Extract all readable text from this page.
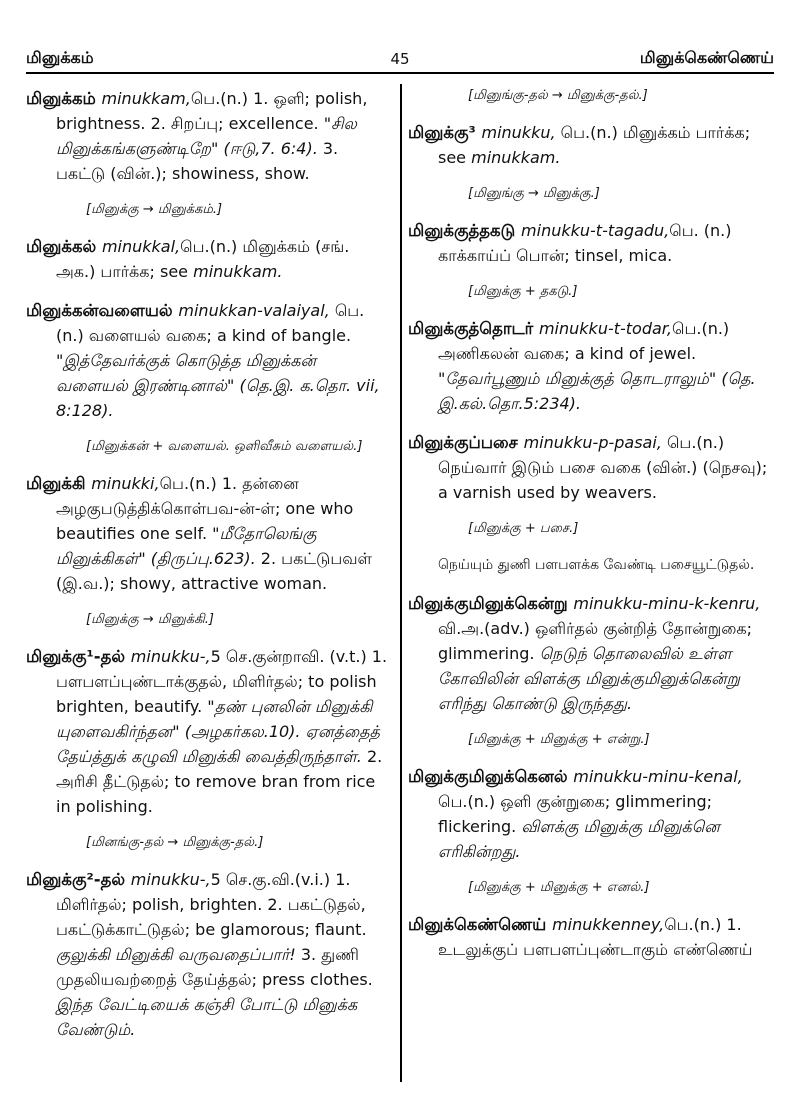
மினுக்கம்	45	மினுக்கெண்ணெய்
மினுக்கம் minukkam,பெ.(n.) 1. ஒளி; polish, brightness. 2. சிறப்பு; excellence. "சில மினுக்கங்களுண்டிறே" (ஈடு,7. 6:4). 3. பகட்டு (வின்.); showiness, show.
[மினுக்கு → மினுக்கம்.]
மினுக்கல் minukkal,பெ.(n.) மினுக்கம் (சங். அக.) பார்க்க; see minukkam.
மினுக்கன்வளையல் minukkan-valaiyal, பெ.(n.) வளையல் வகை; a kind of bangle. "இத்தேவர்க்குக் கொடுத்த மினுக்கன் வளையல் இரண்டினால்" (தெ.இ. க.தொ. vii, 8:128).
[மினுக்கன் + வளையல். ஒளிவீசும் வளையல்.]
மினுக்கி minukki,பெ.(n.) 1. தன்னை அழகுபடுத்திக்கொள்பவ-ன்-ள்; one who beautifies one self. "மீதோலெங்கு மினுக்கிகள்" (திருப்பு.623). 2. பகட்டுபவள் (இ.வ.); showy, attractive woman.
[மினுக்கு → மினுக்கி.]
மினுக்கு¹-தல் minukku-,5 செ.குன்றாவி. (v.t.) 1. பளபளப்புண்டாக்குதல், மிளிர்தல்; to polish brighten, beautify. "தண் புனலின் மினுக்கி யுளைவகிர்ந்தன" (அழகர்கல.10). ஏனத்தைத் தேய்த்துக் கழுவி மினுக்கி வைத்திருந்தாள். 2. அரிசி தீட்டுதல்; to remove bran from rice in polishing.
[மினங்கு-தல் → மினுக்கு-தல்.]
மினுக்கு²-தல் minukku-,5 செ.கு.வி.(v.i.) 1. மிளிர்தல்; polish, brighten. 2. பகட்டுதல், பகட்டுக்காட்டுதல்; be glamorous; flaunt. குலுக்கி மினுக்கி வருவதைப்பார்! 3. துணி முதலியவற்றைத் தேய்த்தல்; press clothes. இந்த வேட்டியைக் கஞ்சி போட்டு மினுக்க வேண்டும்.
[மினுங்கு-தல் → மினுக்கு-தல்.]
மினுக்கு³ minukku, பெ.(n.) மினுக்கம் பார்க்க; see minukkam.
[மினுங்கு → மினுக்கு.]
மினுக்குத்தகடு minukku-t-tagadu,பெ. (n.) காக்காய்ப் பொன்; tinsel, mica.
[மினுக்கு + தகடு.]
மினுக்குத்தொடர் minukku-t-todar,பெ.(n.) அணிகலன் வகை; a kind of jewel. "தேவர்பூணும் மினுக்குத் தொடராலும்" (தெ. இ.கல்.தொ.5:234).
மினுக்குப்பசை minukku-p-pasai, பெ.(n.) நெய்வார் இடும் பசை வகை (வின்.) (நெசவு); a varnish used by weavers.
[மினுக்கு + பசை.]
நெய்யும் துணி பளபளக்க வேண்டி பசையூட்டுதல்.
மினுக்குமினுக்கென்று minukku-minu-k-kenru, வி.அ.(adv.) ஒளிர்தல் குன்றித் தோன்றுகை; glimmering. நெடுந் தொலைவில் உள்ள கோவிலின் விளக்கு மினுக்குமினுக்கென்று எரிந்து கொண்டு இருந்தது.
[மினுக்கு + மினுக்கு + என்று.]
மினுக்குமினுக்கெனல் minukku-minu-kenal, பெ.(n.) ஒளி குன்றுகை; glimmering; flickering. விளக்கு மினுக்கு மினுக்னெ எரிகின்றது.
[மினுக்கு + மினுக்கு + எனல்.]
மினுக்கெண்ணெய் minukkenney,பெ.(n.) 1. உடலுக்குப் பளபளப்புண்டாகும் எண்ணெய்
